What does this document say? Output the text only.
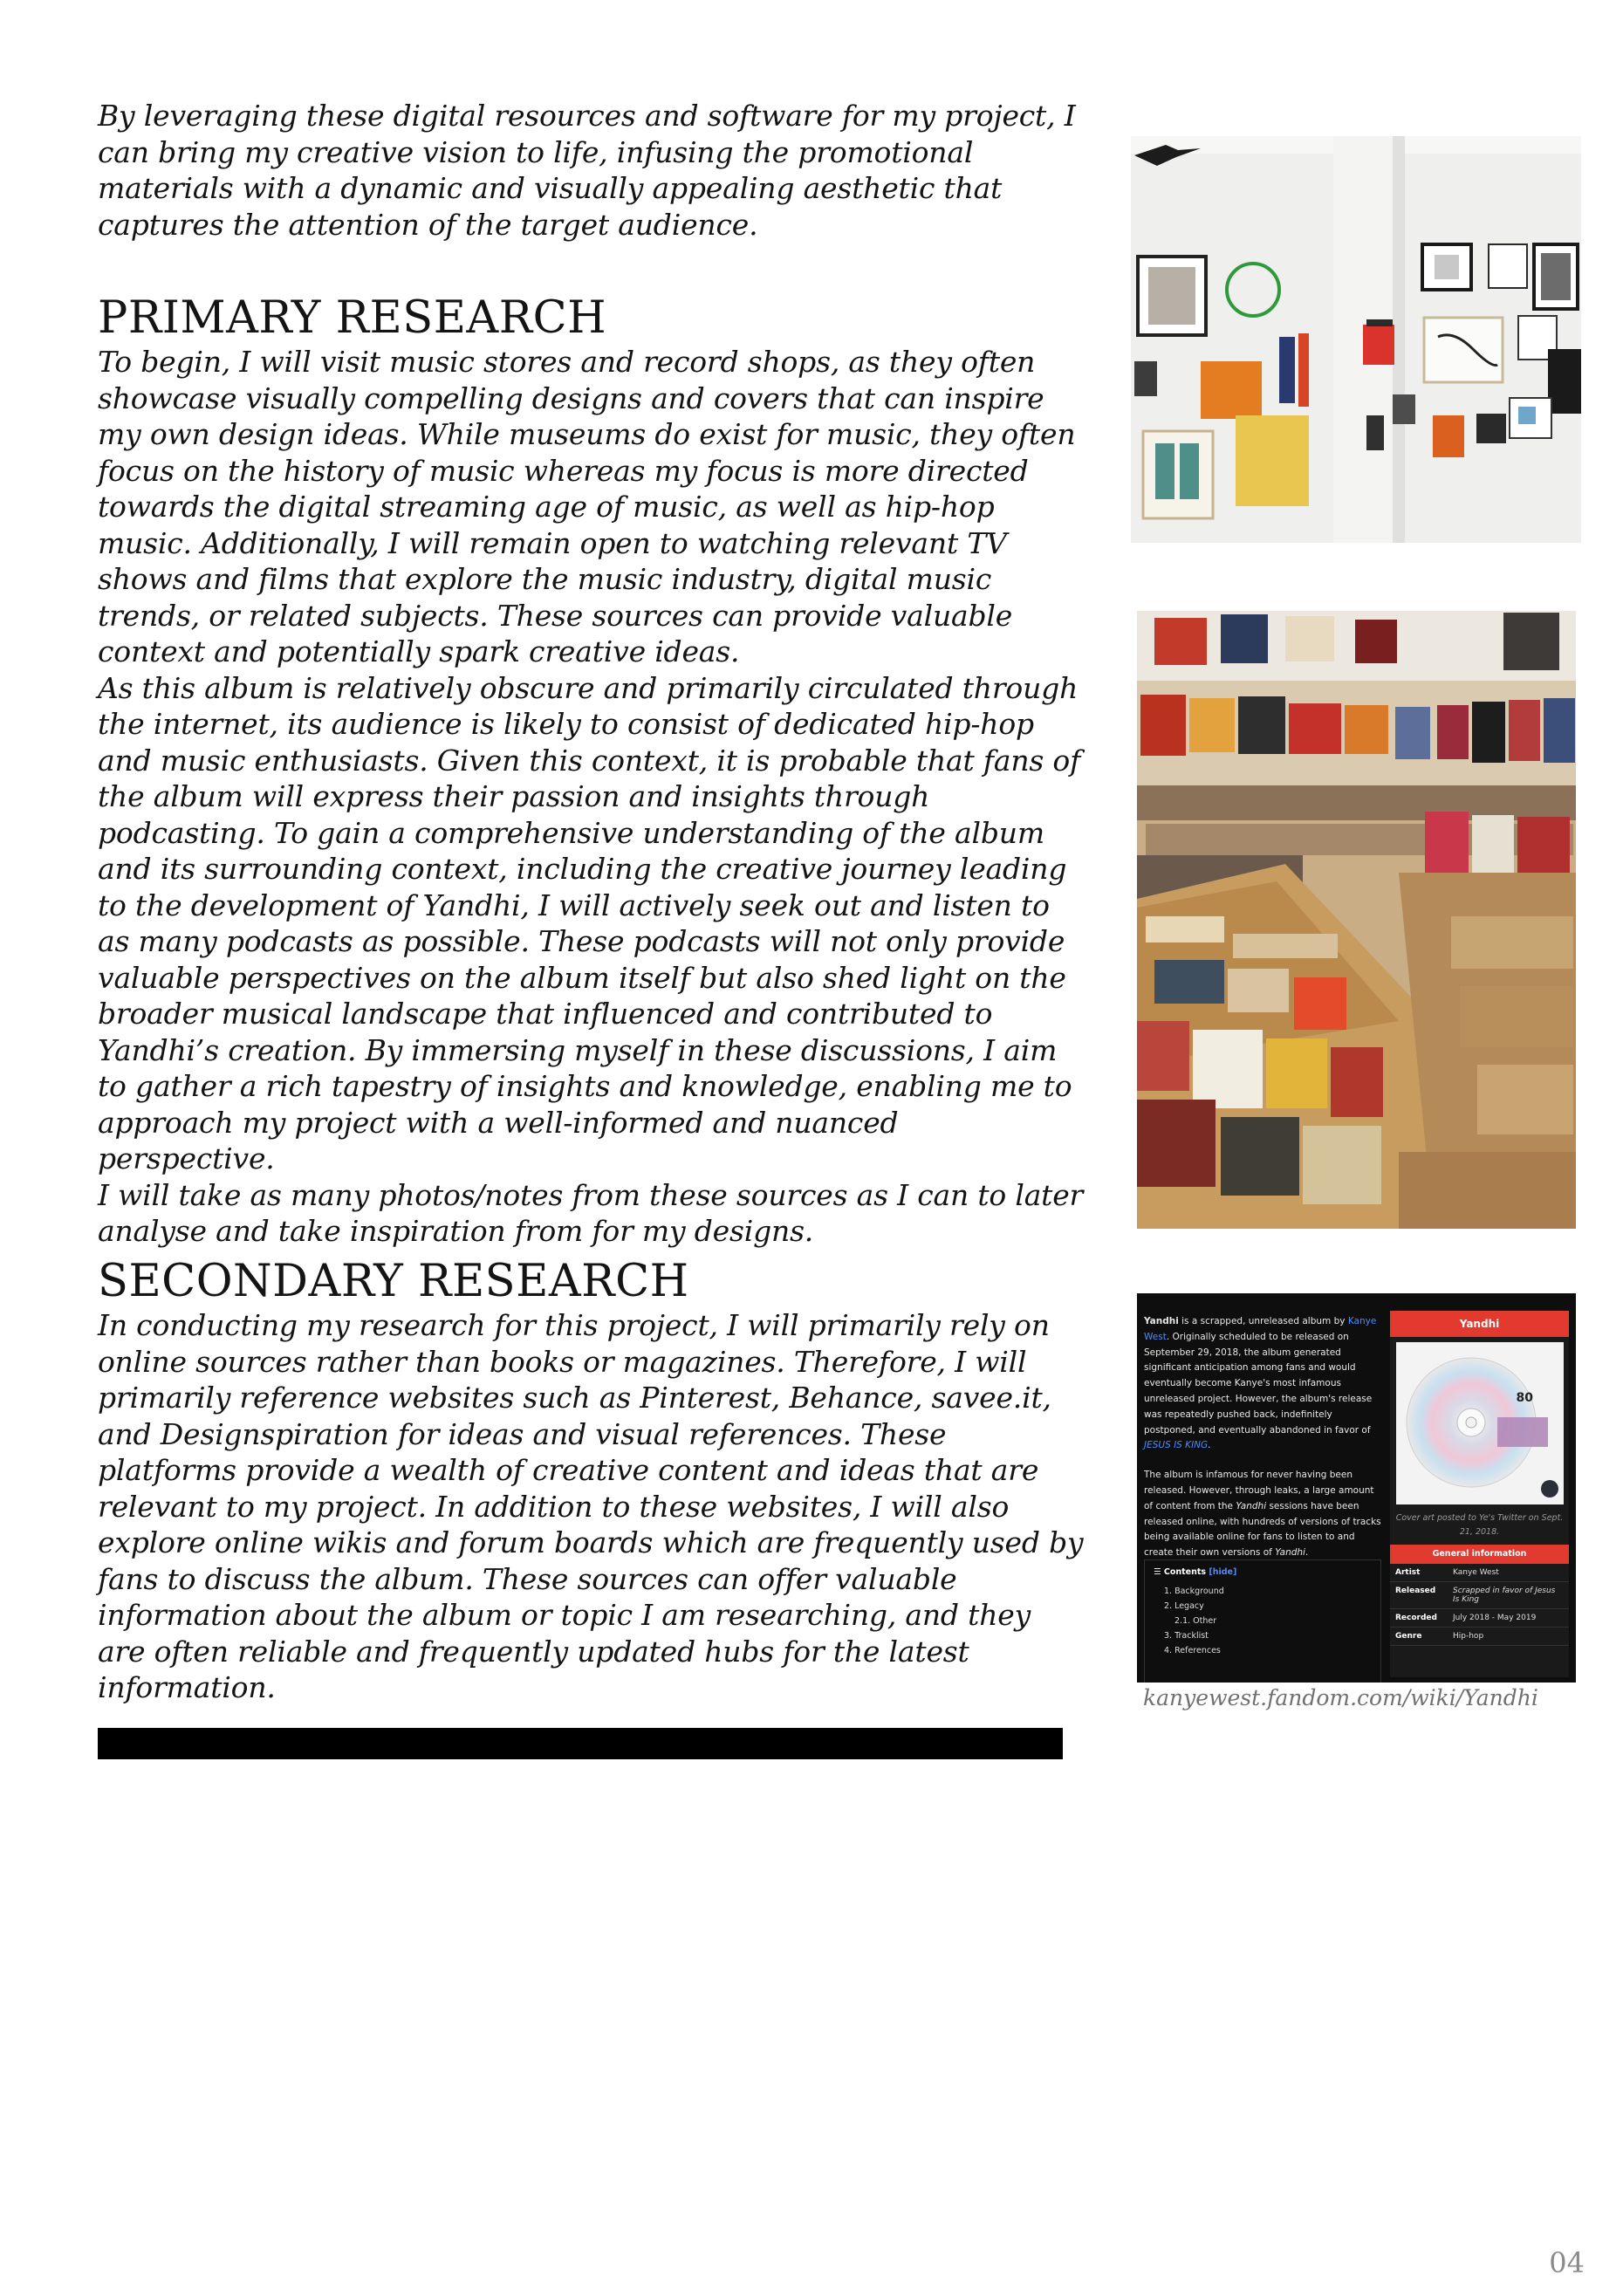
By leveraging these digital resources and software for my project, I can bring my creative vision to life, infusing the promotional materials with a dynamic and visually appealing aesthetic that captures the attention of the target audience.

PRIMARY RESEARCH

To begin, I will visit music stores and record shops, as they often showcase visually compelling designs and covers that can inspire my own design ideas. While museums do exist for music, they often focus on the history of music whereas my focus is more directed towards the digital streaming age of music, as well as hip-hop music. Additionally, I will remain open to watching relevant TV shows and films that explore the music industry, digital music trends, or related subjects. These sources can provide valuable context and potentially spark creative ideas.

As this album is relatively obscure and primarily circulated through the internet, its audience is likely to consist of dedicated hip-hop and music enthusiasts. Given this context, it is probable that fans of the album will express their passion and insights through podcasting. To gain a comprehensive understanding of the album and its surrounding context, including the creative journey leading to the development of Yandhi, I will actively seek out and listen to as many podcasts as possible. These podcasts will not only provide valuable perspectives on the album itself but also shed light on the broader musical landscape that influenced and contributed to Yandhi’s creation. By immersing myself in these discussions, I aim to gather a rich tapestry of insights and knowledge, enabling me to approach my project with a well-informed and nuanced perspective.

I will take as many photos/notes from these sources as I can to later analyse and take inspiration from for my designs.

SECONDARY RESEARCH

In conducting my research for this project, I will primarily rely on online sources rather than books or magazines. Therefore, I will primarily reference websites such as Pinterest, Behance, savee.it, and Designspiration for ideas and visual references. These platforms provide a wealth of creative content and ideas that are relevant to my project. In addition to these websites, I will also explore online wikis and forum boards which are frequently used by fans to discuss the album. These sources can offer valuable information about the album or topic I am researching, and they are often reliable and frequently updated hubs for the latest information.

Yandhi is a scrapped, unreleased album by Kanye West. Originally scheduled to be released on September 29, 2018, the album generated significant anticipation among fans and would eventually become Kanye's most infamous unreleased project. However, the album's release was repeatedly pushed back, indefinitely postponed, and eventually abandoned in favor of JESUS IS KING.

The album is infamous for never having been released. However, through leaks, a large amount of content from the Yandhi sessions have been released online, with hundreds of versions of tracks being available online for fans to listen to and create their own versions of Yandhi.

☰ Contents [hide]
1. Background
2. Legacy
2.1. Other
3. Tracklist
4. References
Yandhi
80
Cover art posted to Ye's Twitter on Sept. 21, 2018.
General information
Artist	Kanye West
Released	Scrapped in favor of Jesus Is King
Recorded	July 2018 - May 2019
Genre	Hip-hop
kanyewest.fandom.com/wiki/Yandhi
04
